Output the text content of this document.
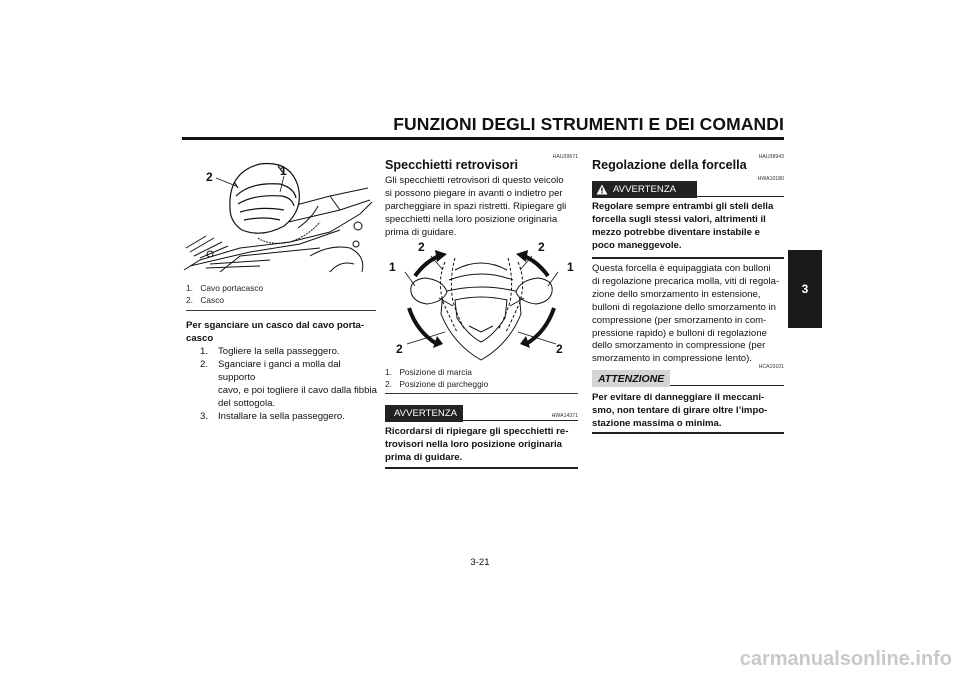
FUNZIONI DEGLI STRUMENTI E DEI COMANDI
3
2	1
1. Cavo portacasco
2. Casco
Per sganciare un casco dal cavo porta-
casco
1. Togliere la sella passeggero.
2. Sganciare i ganci a molla dal supporto
cavo, e poi togliere il cavo dalla fibbia
del sottogola.
3. Installare la sella passeggero.
HAU39671
Specchietti retrovisori
Gli specchietti retrovisori di questo veicolo
si possono piegare in avanti o indietro per
parcheggiare in spazi ristretti. Ripiegare gli
specchietti nella loro posizione originaria
prima di guidare.
2	2
1	1
2	2
1. Posizione di marcia
2. Posizione di parcheggio
AVVERTENZA	HWA14371
Ricordarsi di ripiegare gli specchietti re-
trovisori nella loro posizione originaria
prima di guidare.
HAU38943
Regolazione della forcella
AVVERTENZA
HWA10180
Regolare sempre entrambi gli steli della
forcella sugli stessi valori, altrimenti il
mezzo potrebbe diventare instabile e
poco maneggevole.
Questa forcella è equipaggiata con bulloni
di regolazione precarica molla, viti di regola-
zione dello smorzamento in estensione,
bulloni di regolazione dello smorzamento in
compressione (per smorzamento in com-
pressione rapido) e bulloni di regolazione
dello smorzamento in compressione (per
smorzamento in compressione lento).
ATTENZIONE
HCA10101
Per evitare di danneggiare il meccani-
smo, non tentare di girare oltre l’impo-
stazione massima o minima.
3-21
carmanualsonline.info
